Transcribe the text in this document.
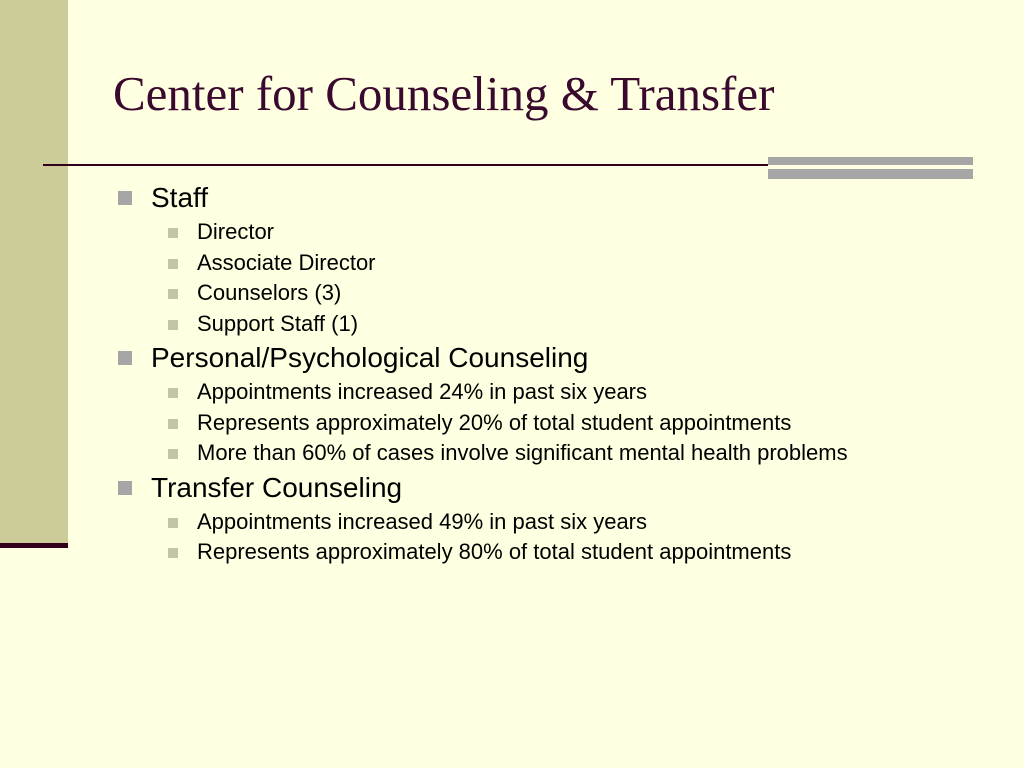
Center for Counseling & Transfer
Staff
Director
Associate Director
Counselors (3)
Support Staff (1)
Personal/Psychological Counseling
Appointments increased 24% in past six years
Represents approximately 20% of total student appointments
More than 60% of cases involve significant mental health problems
Transfer Counseling
Appointments increased 49% in past six years
Represents approximately 80% of total student appointments
